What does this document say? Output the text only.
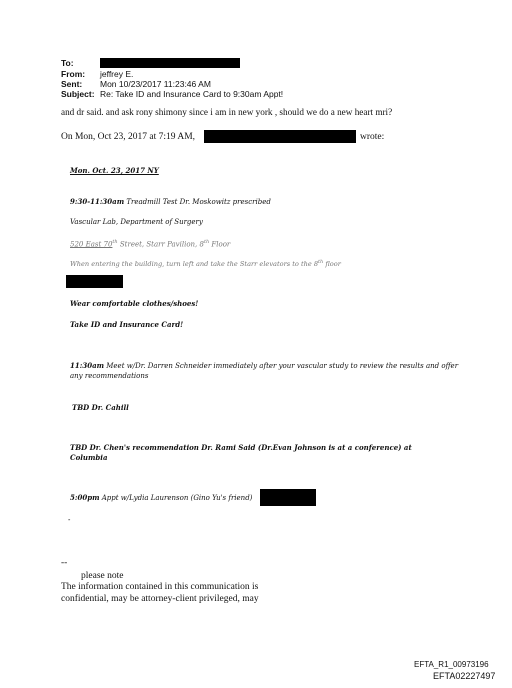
To:
From: jeffrey E.
Sent: Mon 10/23/2017 11:23:46 AM
Subject: Re: Take ID and Insurance Card to 9:30am Appt!
and dr said. and ask rony shimony since i am in new york , should we do a new heart mri?
On Mon, Oct 23, 2017 at 7:19 AM,	wrote:
Mon. Oct. 23, 2017 NY
9:30-11:30am Treadmill Test Dr. Moskowitz prescribed
Vascular Lab, Department of Surgery
520 East 70th Street, Starr Pavilion, 8th Floor
When entering the building, turn left and take the Starr elevators to the 8th floor
Wear comfortable clothes/shoes!
Take ID and Insurance Card!
11:30am Meet w/Dr. Darren Schneider immediately after your vascular study to review the results and offer any recommendations
TBD Dr. Cahill
TBD Dr. Chen's recommendation Dr. Rami Said (Dr.Evan Johnson is at a conference) at Columbia
5:00pm Appt w/Lydia Laurenson (Gino Yu's friend)
-
--
please note
The information contained in this communication is
confidential, may be attorney-client privileged, may
EFTA_R1_00973196
EFTA02227497
